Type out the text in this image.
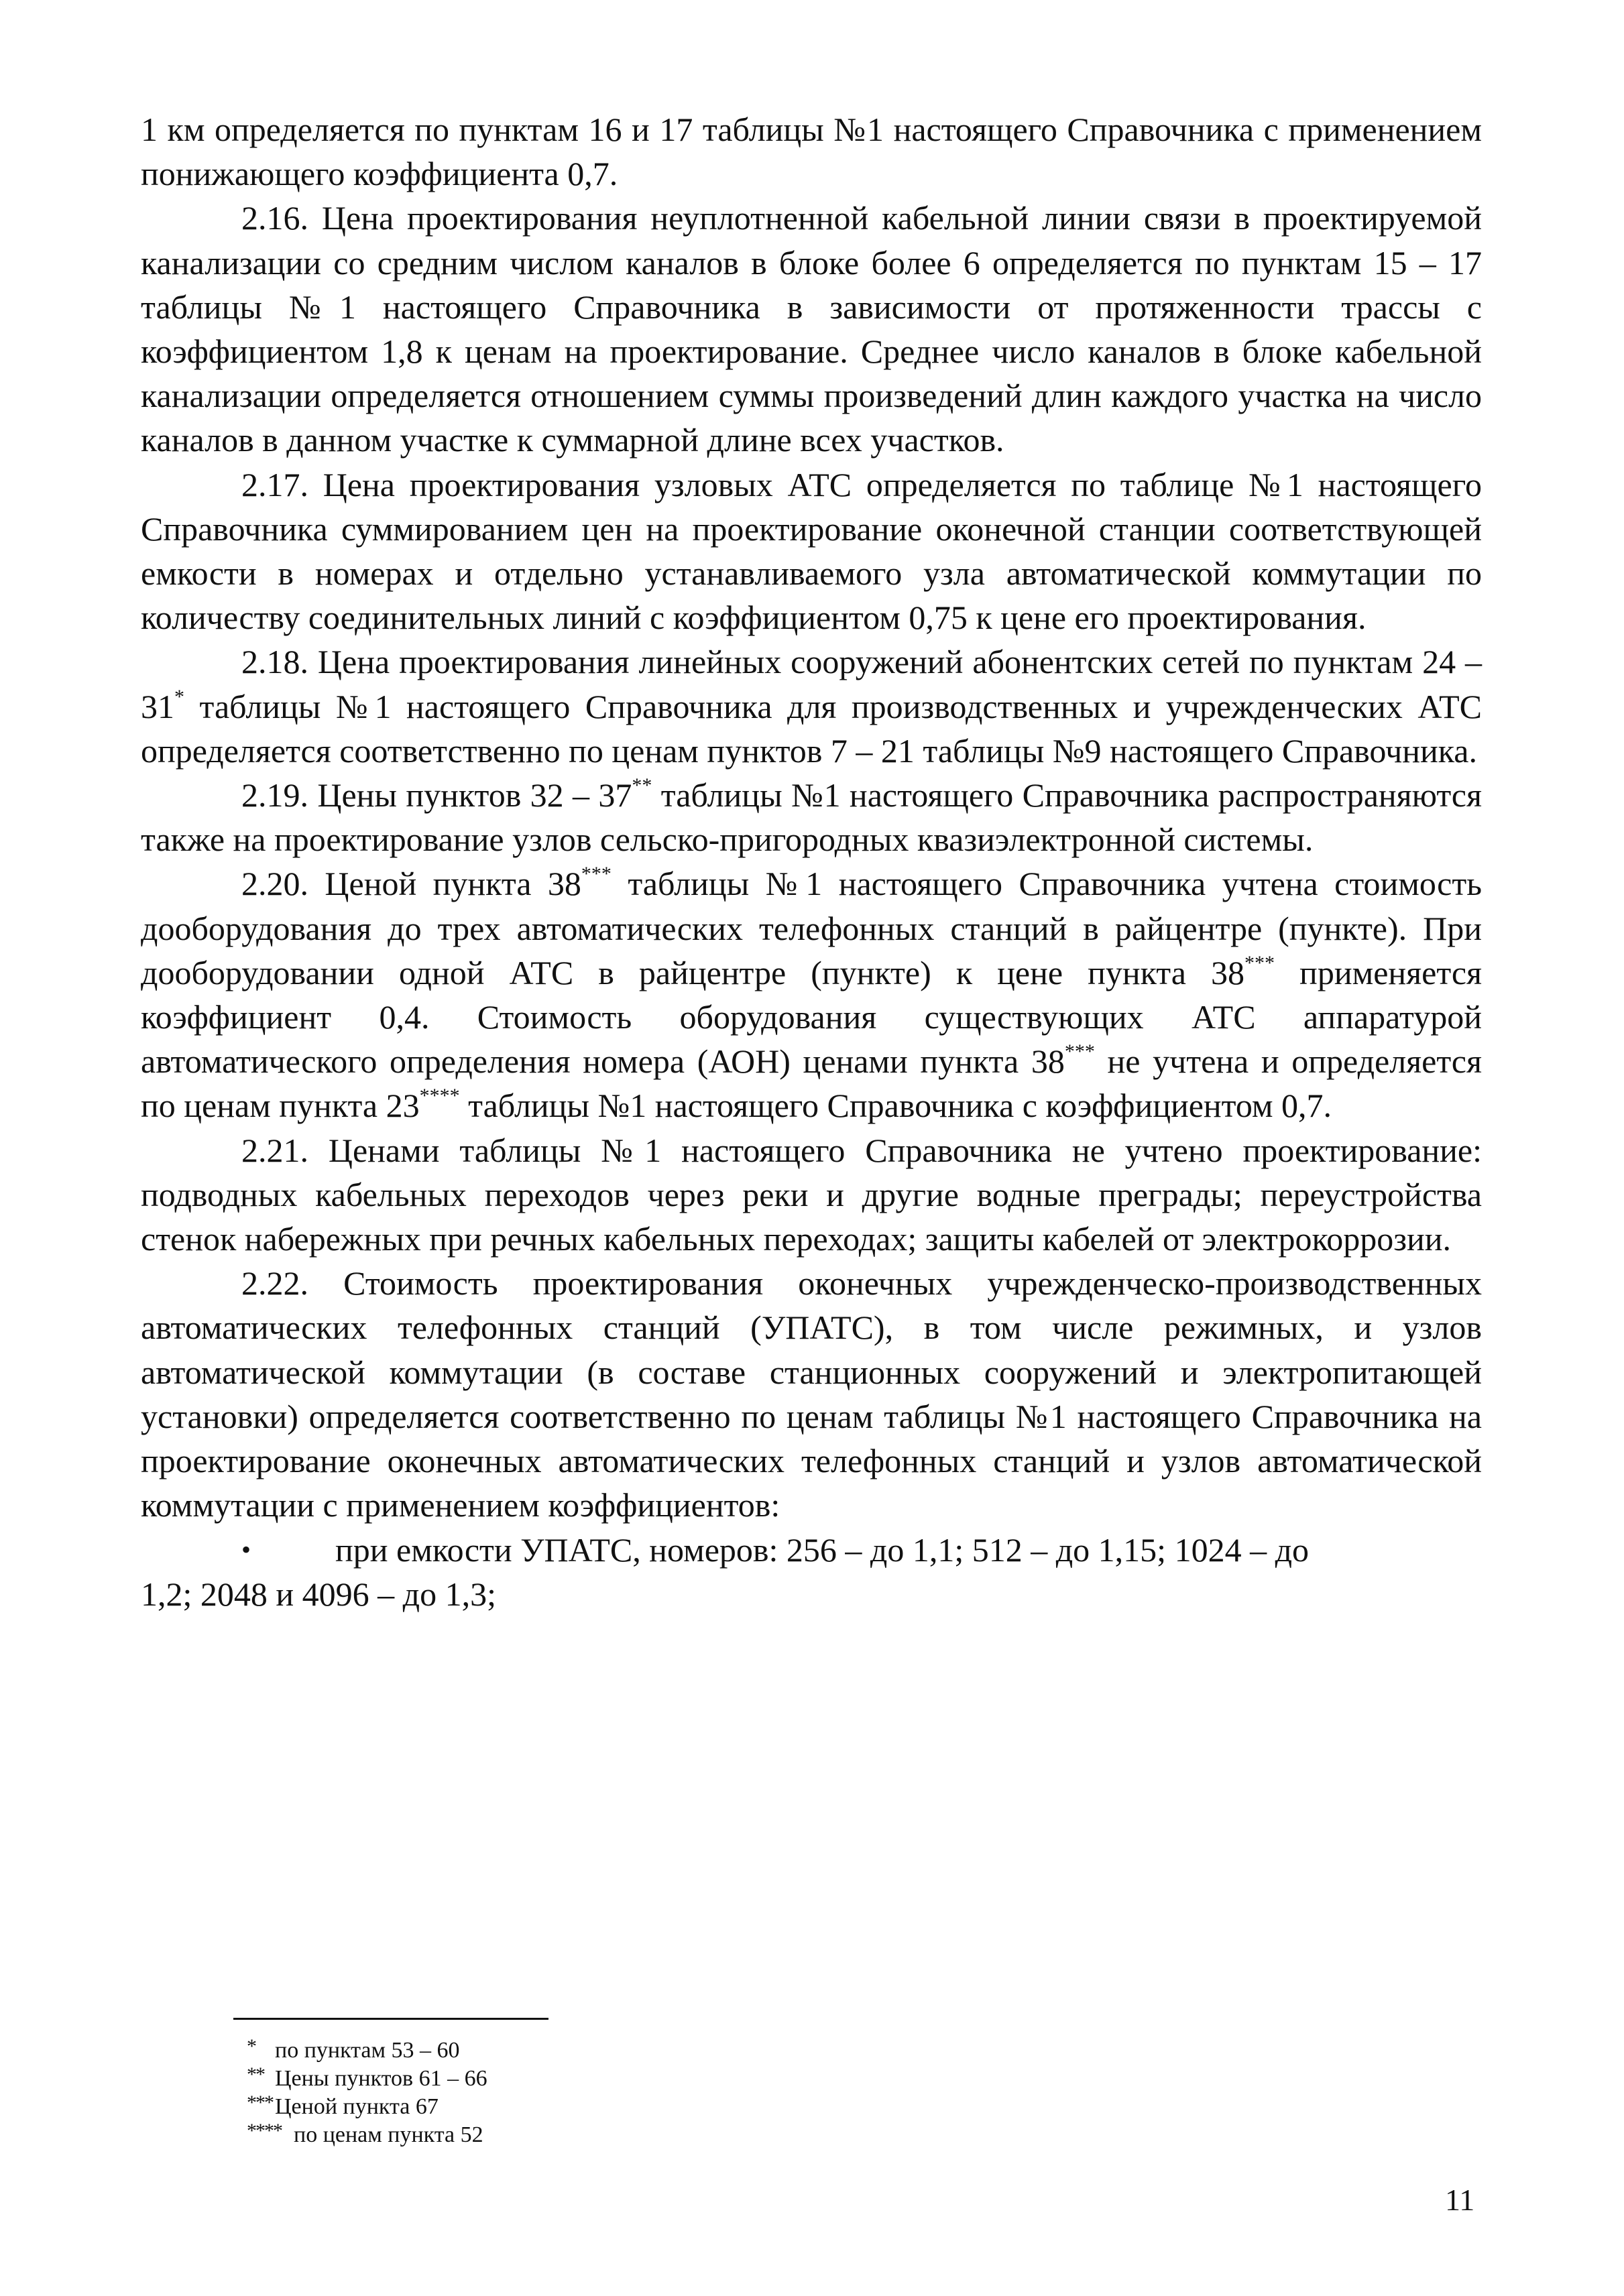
1 км определяется по пунктам 16 и 17 таблицы №1 настоящего Справочника с применением понижающего коэффициента 0,7.

2.16. Цена проектирования неуплотненной кабельной линии связи в проектируемой канализации со средним числом каналов в блоке более 6 определяется по пунктам 15 – 17 таблицы №1 настоящего Справочника в зависимости от протяженности трассы с коэффициентом 1,8 к ценам на проектирование. Среднее число каналов в блоке кабельной канализации определяется отношением суммы произведений длин каждого участка на число каналов в данном участке к суммарной длине всех участков.

2.17. Цена проектирования узловых АТС определяется по таблице №1 настоящего Справочника суммированием цен на проектирование оконечной станции соответствующей емкости в номерах и отдельно устанавливаемого узла автоматической коммутации по количеству соединительных линий с коэффициентом 0,75 к цене его проектирования.

2.18. Цена проектирования линейных сооружений абонентских сетей по пунктам 24 – 31* таблицы №1 настоящего Справочника для производственных и учрежденческих АТС определяется соответственно по ценам пунктов 7 – 21 таблицы №9 настоящего Справочника.

2.19. Цены пунктов 32 – 37** таблицы №1 настоящего Справочника распространяются также на проектирование узлов сельско-пригородных квазиэлектронной системы.

2.20. Ценой пункта 38*** таблицы №1 настоящего Справочника учтена стоимость дооборудования до трех автоматических телефонных станций в райцентре (пункте). При дооборудовании одной АТС в райцентре (пункте) к цене пункта 38*** применяется коэффициент 0,4. Стоимость оборудования существующих АТС аппаратурой автоматического определения номера (АОН) ценами пункта 38*** не учтена и определяется по ценам пункта 23**** таблицы №1 настоящего Справочника с коэффициентом 0,7.

2.21. Ценами таблицы №1 настоящего Справочника не учтено проектирование: подводных кабельных переходов через реки и другие водные преграды; переустройства стенок набережных при речных кабельных переходах; защиты кабелей от электрокоррозии.

2.22. Стоимость проектирования оконечных учрежденческо-производственных автоматических телефонных станций (УПАТС), в том числе режимных, и узлов автоматической коммутации (в составе станционных сооружений и электропитающей установки) определяется соответственно по ценам таблицы №1 настоящего Справочника на проектирование оконечных автоматических телефонных станций и узлов автоматической коммутации с применением коэффициентов:

•	при емкости УПАТС, номеров: 256 – до 1,1; 512 – до 1,15; 1024 – до

1,2; 2048 и 4096 – до 1,3;

* по пунктам 53 – 60
** Цены пунктов 61 – 66
*** Ценой пункта 67
**** по ценам пункта 52
11
